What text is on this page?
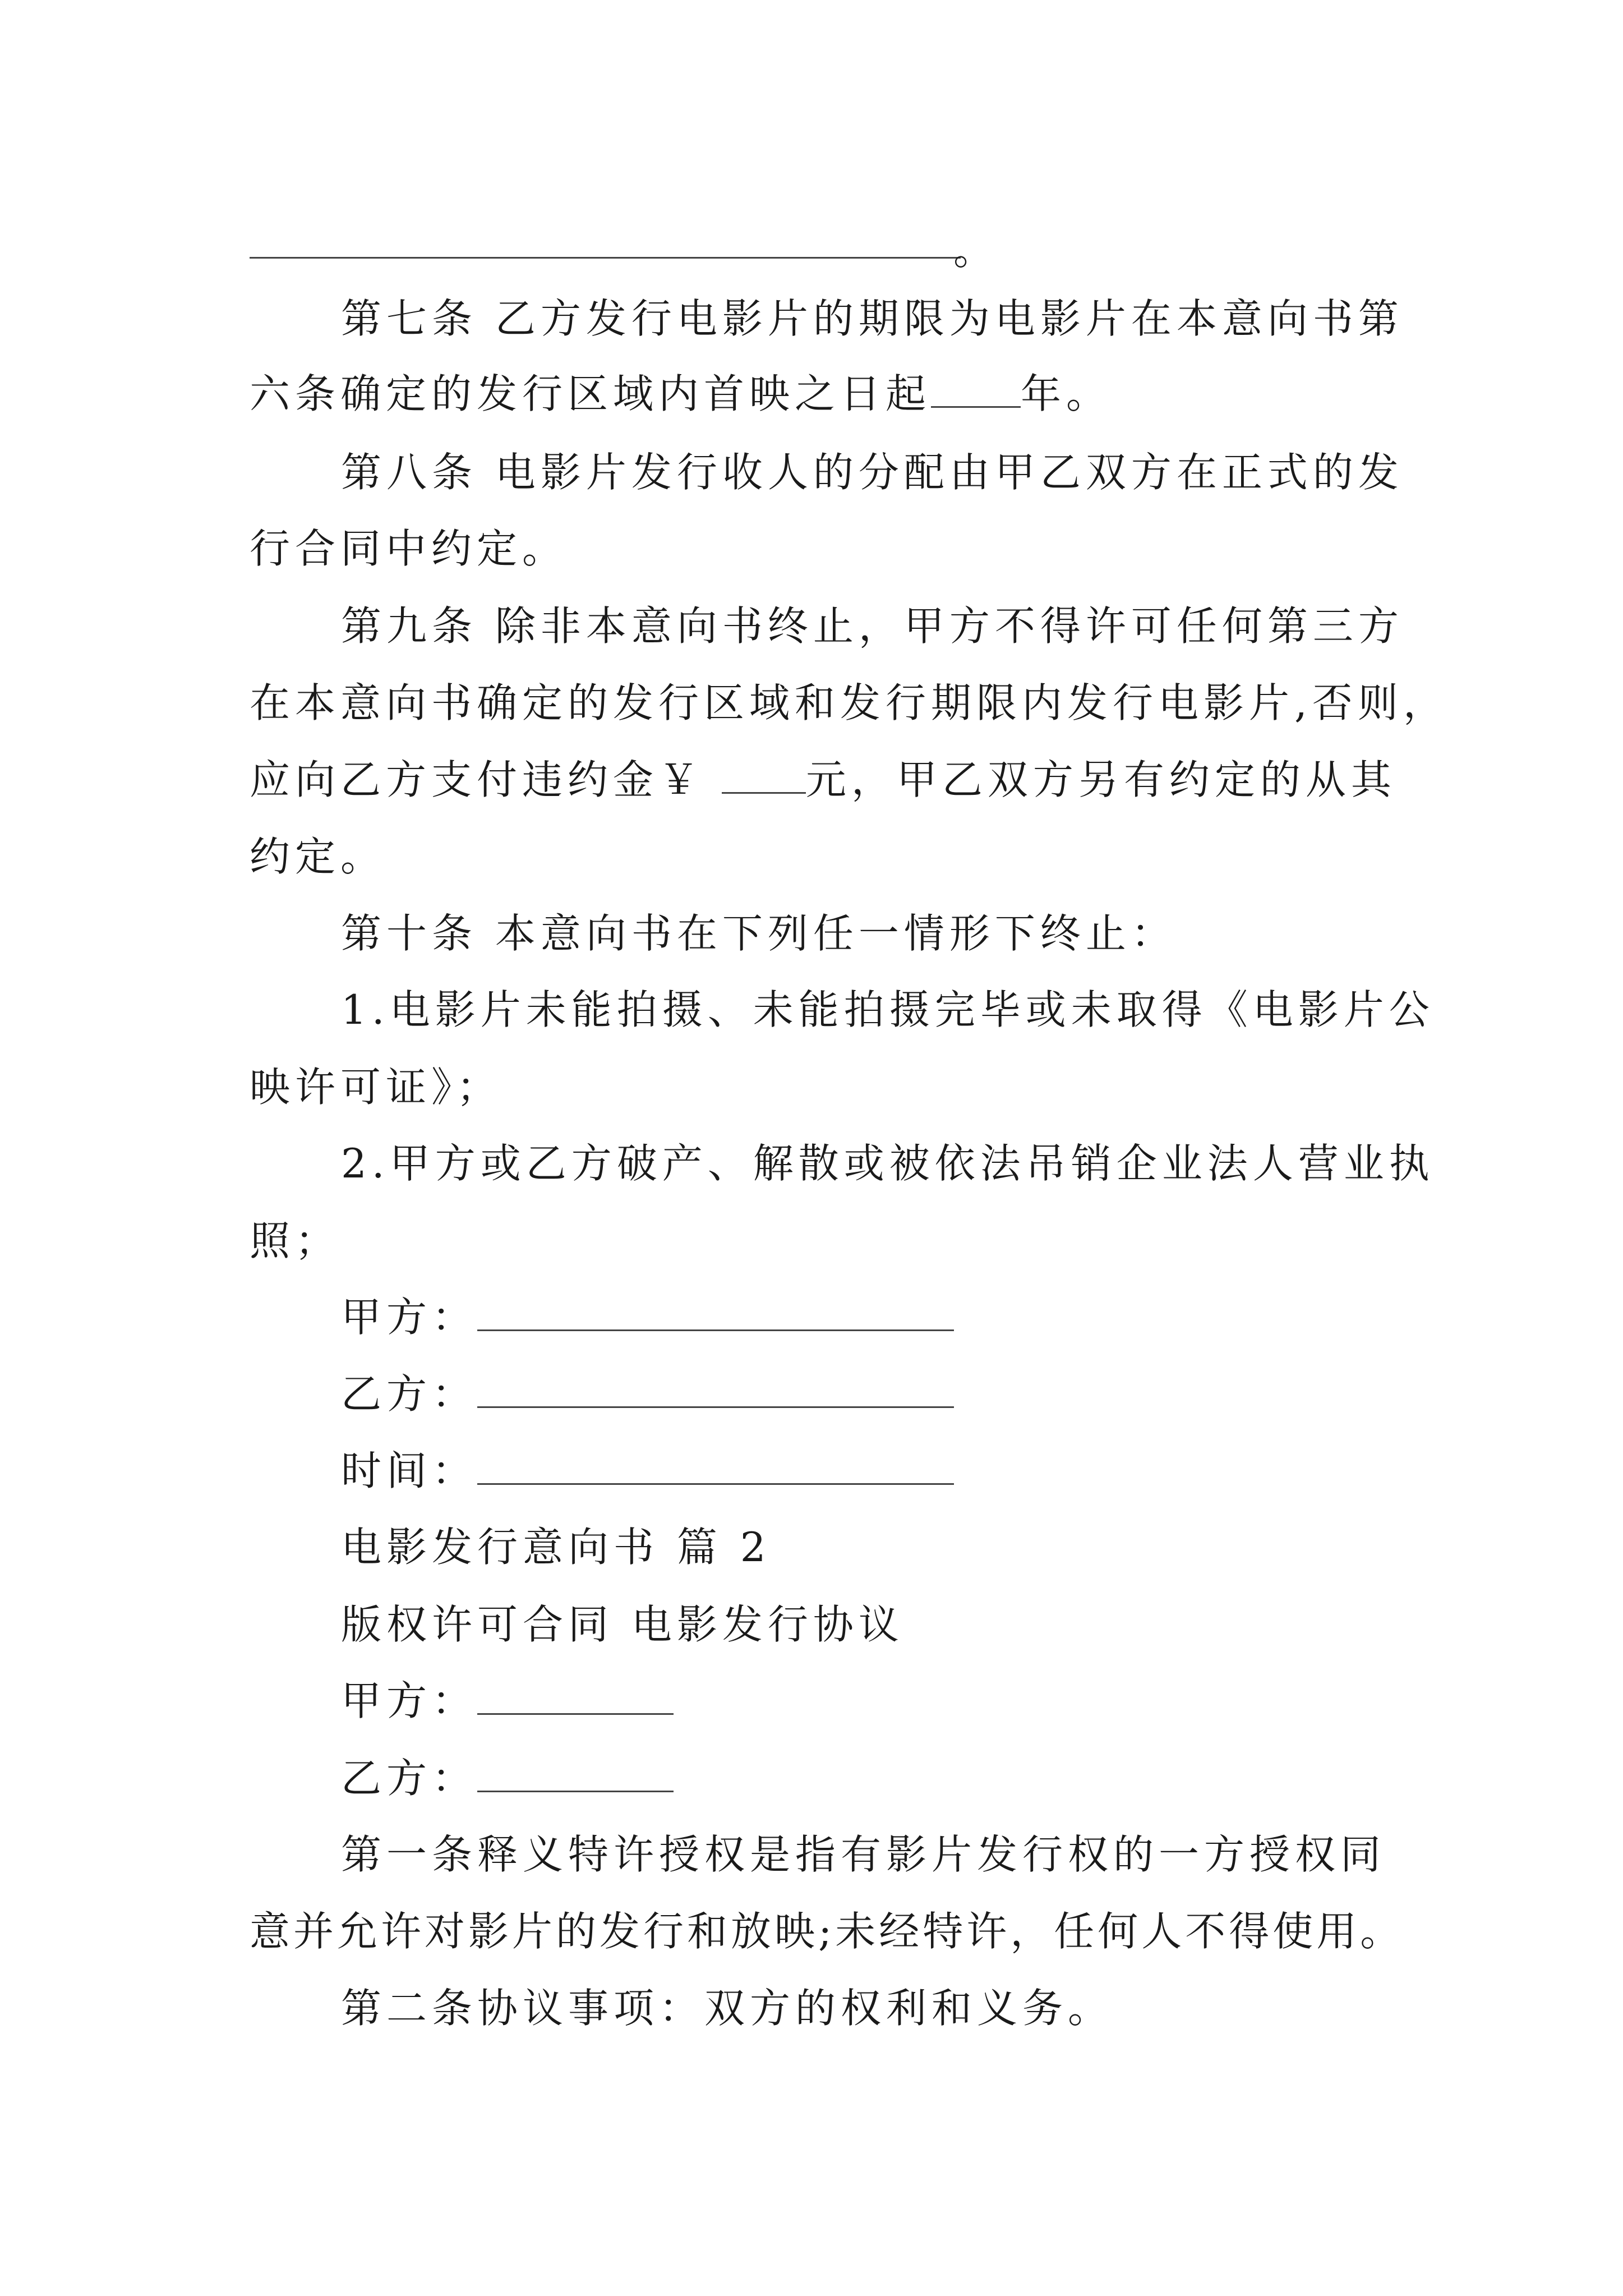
。
第七条 乙方发行电影片的期限为电影片在本意向书第
六条确定的发行区域内首映之日起 年。
第八条 电影片发行收人的分配由甲乙双方在正式的发
行合同中约定。
第九条 除非本意向书终止，甲方不得许可任何第三方
在本意向书确定的发行区域和发行期限内发行电影片,否则，
应向乙方支付违约金￥ 元，甲乙双方另有约定的从其
约定。
第十条 本意向书在下列任一情形下终止：
1.电影片未能拍摄、未能拍摄完毕或未取得《电影片公
映许可证》；
2.甲方或乙方破产、解散或被依法吊销企业法人营业执
照；
甲方：
乙方：
时间：
电影发行意向书 篇 2
版权许可合同 电影发行协议
甲方：
乙方：
第一条释义特许授权是指有影片发行权的一方授权同
意并允许对影片的发行和放映;未经特许，任何人不得使用。
第二条协议事项：双方的权利和义务。
